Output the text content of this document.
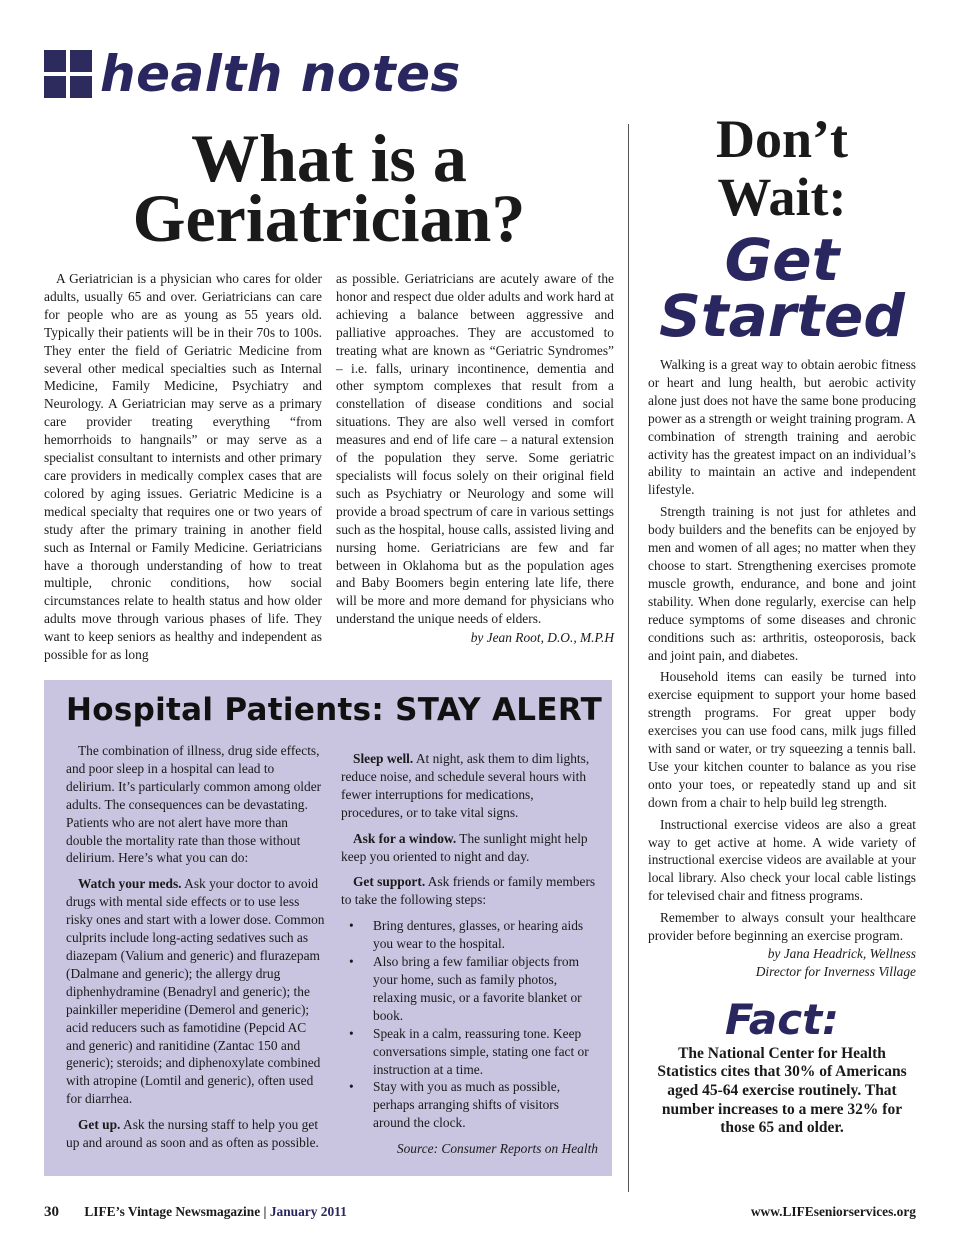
health notes
What is a
Geriatrician?

A Geriatrician is a physician who cares for older adults, usually 65 and over. Geriatricians can care for people who are as young as 55 years old. Typically their patients will be in their 70s to 100s. They enter the field of Geriatric Medicine from several other medical specialties such as Internal Medicine, Family Medicine, Psychiatry and Neurology. A Geriatrician may serve as a primary care provider treating everything “from hemorrhoids to hangnails” or may serve as a specialist consultant to internists and other primary care providers in medically complex cases that are colored by aging issues. Geriatric Medicine is a medical specialty that requires one or two years of study after the primary training in another field such as Internal or Family Medicine. Geriatricians have a thorough understanding of how to treat multiple, chronic conditions, how social circumstances relate to health status and how older adults move through various phases of life. They want to keep seniors as healthy and independent as possible for as long

as possible. Geriatricians are acutely aware of the honor and respect due older adults and work hard at achieving a balance between aggressive and palliative approaches. They are accustomed to treating what are known as “Geriatric Syndromes” – i.e. falls, urinary incontinence, dementia and other symptom complexes that result from a constellation of disease conditions and social situations. They are also well versed in comfort measures and end of life care – a natural extension of the population they serve. Some geriatric specialists will focus solely on their original field such as Psychiatry or Neurology and some will provide a broad spectrum of care in various settings such as the hospital, house calls, assisted living and nursing home. Geriatricians are few and far between in Oklahoma but as the population ages and Baby Boomers begin entering late life, there will be more and more demand for physicians who understand the unique needs of elders.

by Jean Root, D.O., M.P.H
Hospital Patients: STAY ALERT

The combination of illness, drug side effects, and poor sleep in a hospital can lead to delirium. It’s particularly common among older adults. The consequences can be devastating. Patients who are not alert have more than double the mortality rate than those without delirium. Here’s what you can do:

Watch your meds. Ask your doctor to avoid drugs with mental side effects or to use less risky ones and start with a lower dose. Common culprits include long-acting sedatives such as diazepam (Valium and generic) and flurazepam (Dalmane and generic); the allergy drug diphenhydramine (Benadryl and generic); the painkiller meperidine (Demerol and generic); acid reducers such as famotidine (Pepcid AC and generic) and ranitidine (Zantac 150 and generic); steroids; and diphenoxylate combined with atropine (Lomtil and generic), often used for diarrhea.

Get up. Ask the nursing staff to help you get up and around as soon and as often as possible.

Sleep well. At night, ask them to dim lights, reduce noise, and schedule several hours with fewer interruptions for medications, procedures, or to take vital signs.

Ask for a window. The sunlight might help keep you oriented to night and day.

Get support. Ask friends or family members to take the following steps:

• Bring dentures, glasses, or hearing aids you wear to the hospital.
• Also bring a few familiar objects from your home, such as family photos, relaxing music, or a favorite blanket or book.
• Speak in a calm, reassuring tone. Keep conversations simple, stating one fact or instruction at a time.
• Stay with you as much as possible, perhaps arranging shifts of visitors around the clock.
Source: Consumer Reports on Health
Don’t
Wait:
Get
Started

Walking is a great way to obtain aerobic fitness or heart and lung health, but aerobic activity alone just does not have the same bone producing power as a strength or weight training program. A combination of strength training and aerobic activity has the greatest impact on an individual’s ability to maintain an active and independent lifestyle.

Strength training is not just for athletes and body builders and the benefits can be enjoyed by men and women of all ages; no matter when they choose to start. Strengthening exercises promote muscle growth, endurance, and bone and joint stability. When done regularly, exercise can help reduce symptoms of some diseases and chronic conditions such as: arthritis, osteoporosis, back and joint pain, and diabetes.

Household items can easily be turned into exercise equipment to support your home based strength programs. For great upper body exercises you can use food cans, milk jugs filled with sand or water, or try squeezing a tennis ball. Use your kitchen counter to balance as you rise onto your toes, or repeatedly stand up and sit down from a chair to help build leg strength.

Instructional exercise videos are also a great way to get active at home. A wide variety of instructional exercise videos are available at your local library. Also check your local cable listings for televised chair and fitness programs.

Remember to always consult your healthcare provider before beginning an exercise program.

by Jana Headrick, Wellness
Director for Inverness Village
Fact:
The National Center for Health Statistics cites that 30% of Americans aged 45-64 exercise routinely. That number increases to a mere 32% for those 65 and older.
30 LIFE’s Vintage Newsmagazine | January 2011	www.LIFEseniorservices.org
